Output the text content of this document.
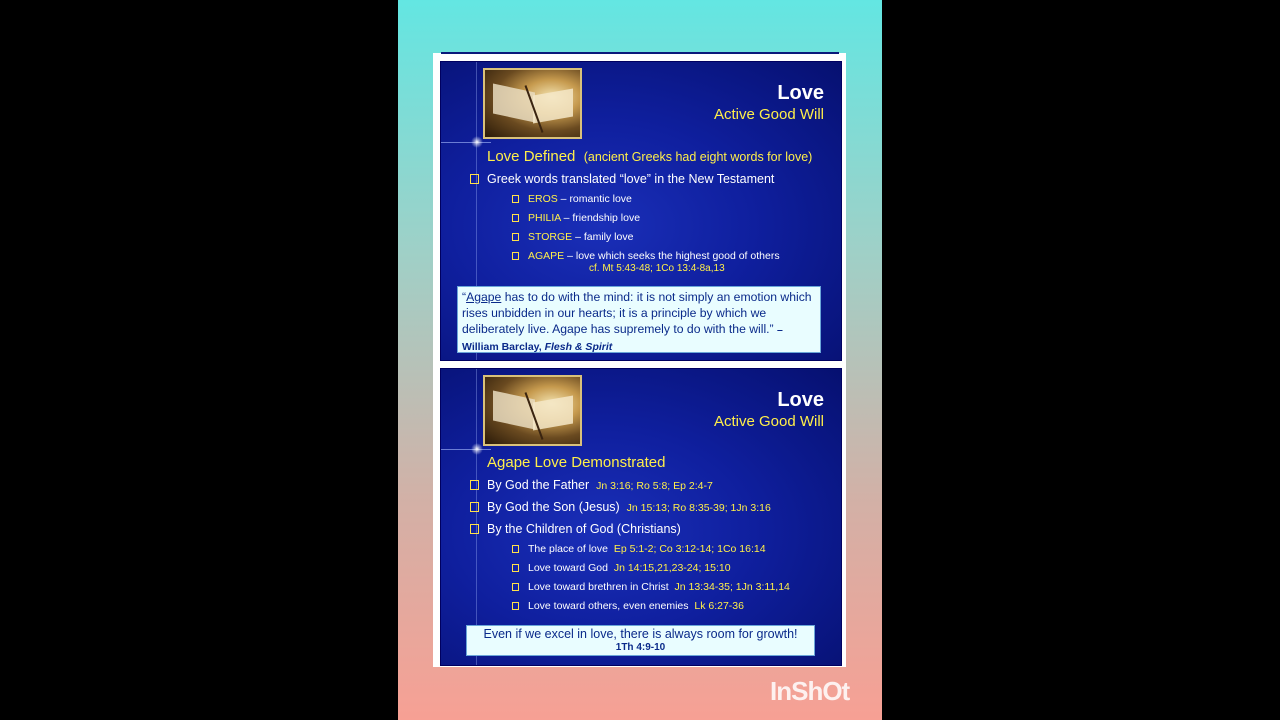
Love
Active Good Will
Love Defined (ancient Greeks had eight words for love)
Greek words translated “love” in the New Testament
EROS – romantic love
PHILIA – friendship love
STORGE – family love
AGAPE – love which seeks the highest good of others
cf. Mt 5:43-48; 1Co 13:4-8a,13
“Agape has to do with the mind: it is not simply an emotion which rises unbidden in our hearts; it is a principle by which we deliberately live. Agape has supremely to do with the will.” – William Barclay, Flesh & Spirit
Love
Active Good Will
Agape Love Demonstrated
By God the Father Jn 3:16; Ro 5:8; Ep 2:4-7
By God the Son (Jesus) Jn 15:13; Ro 8:35-39; 1Jn 3:16
By the Children of God (Christians)
The place of love Ep 5:1-2; Co 3:12-14; 1Co 16:14
Love toward God Jn 14:15,21,23-24; 15:10
Love toward brethren in Christ Jn 13:34-35; 1Jn 3:11,14
Love toward others, even enemies Lk 6:27-36
Even if we excel in love, there is always room for growth!
1Th 4:9-10
InShOt
